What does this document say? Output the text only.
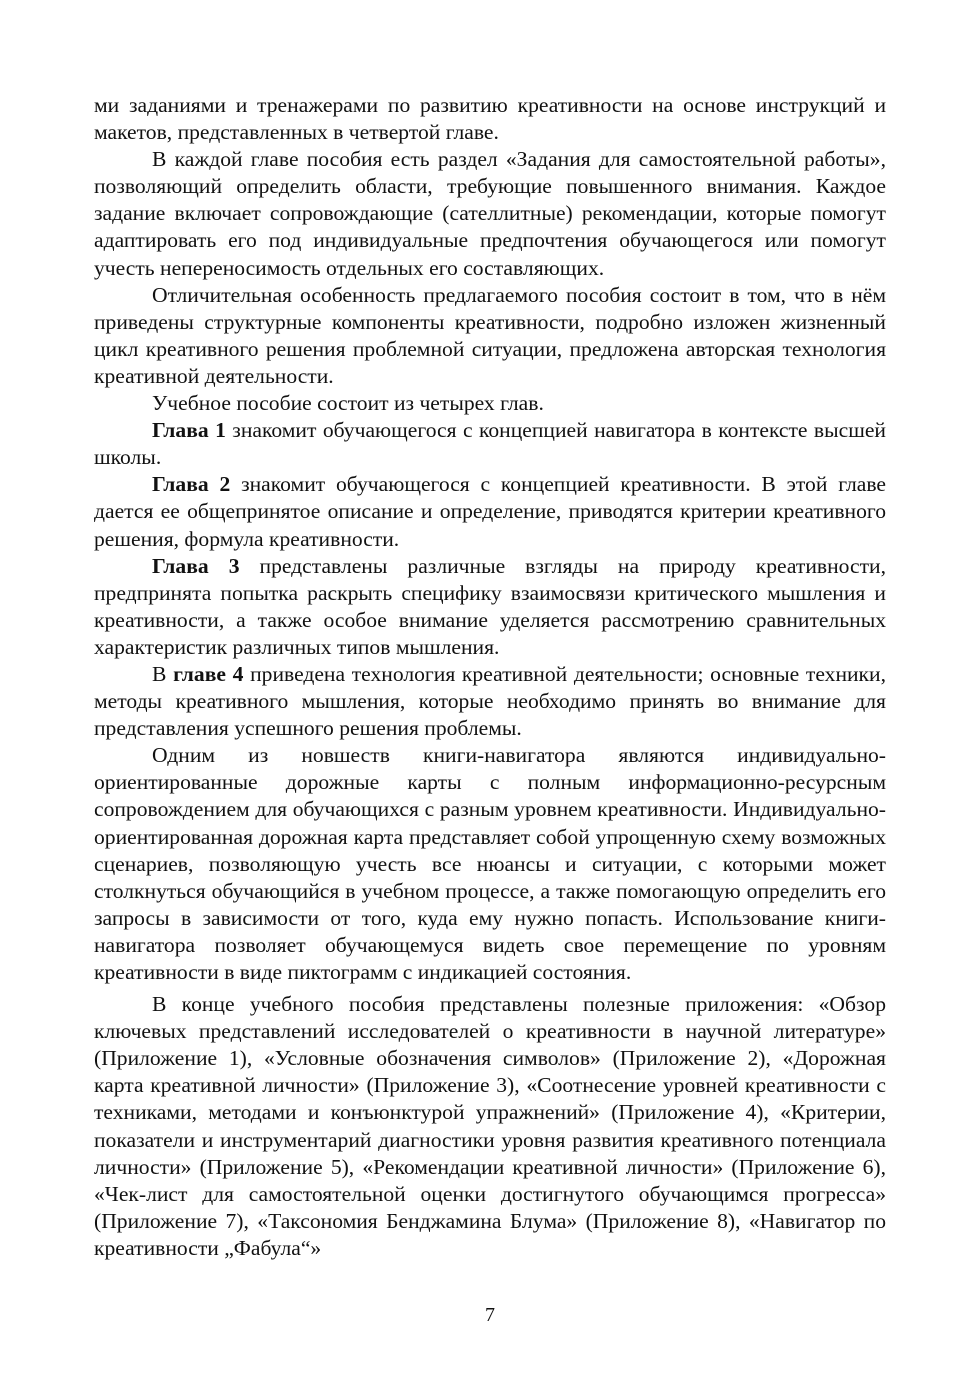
ми заданиями и тренажерами по развитию креативности на основе инструкций и макетов, представленных в четвертой главе.

В каждой главе пособия есть раздел «Задания для самостоятельной работы», позволяющий определить области, требующие повышенного внимания. Каждое задание включает сопровождающие (сателлитные) рекомендации, которые помогут адаптировать его под индивидуальные предпочтения обучающегося или помогут учесть непереносимость отдельных его составляющих.

Отличительная особенность предлагаемого пособия состоит в том, что в нём приведены структурные компоненты креативности, подробно изложен жизненный цикл креативного решения проблемной ситуации, предложена авторская технология креативной деятельности.

Учебное пособие состоит из четырех глав.

Глава 1 знакомит обучающегося с концепцией навигатора в контексте высшей школы.

Глава 2 знакомит обучающегося с концепцией креативности. В этой главе дается ее общепринятое описание и определение, приводятся критерии креативного решения, формула креативности.

Глава 3 представлены различные взгляды на природу креативности, предпринята попытка раскрыть специфику взаимосвязи критического мышления и креативности, а также особое внимание уделяется рассмотрению сравнительных характеристик различных типов мышления.

В главе 4 приведена технология креативной деятельности; основные техники, методы креативного мышления, которые необходимо принять во внимание для представления успешного решения проблемы.

Одним из новшеств книги-навигатора являются индивидуально-ориентированные дорожные карты с полным информационно-ресурсным сопровождением для обучающихся с разным уровнем креативности. Индивидуально-ориентированная дорожная карта представляет собой упрощенную схему возможных сценариев, позволяющую учесть все нюансы и ситуации, с которыми может столкнуться обучающийся в учебном процессе, а также помогающую определить его запросы в зависимости от того, куда ему нужно попасть. Использование книги-навигатора позволяет обучающемуся видеть свое перемещение по уровням креативности в виде пиктограмм с индикацией состояния.

В конце учебного пособия представлены полезные приложения: «Обзор ключевых представлений исследователей о креативности в научной литературе» (Приложение 1), «Условные обозначения символов» (Приложение 2), «Дорожная карта креативной личности» (Приложение 3), «Соотнесение уровней креативности с техниками, методами и конъюнктурой упражнений» (Приложение 4), «Критерии, показатели и инструментарий диагностики уровня развития креативного потенциала личности» (Приложение 5), «Рекомендации креативной личности» (Приложение 6), «Чек-лист для самостоятельной оценки достигнутого обучающимся прогресса» (Приложение 7), «Таксономия Бенджамина Блума» (Приложение 8), «Навигатор по креативности „Фабула“»

7
